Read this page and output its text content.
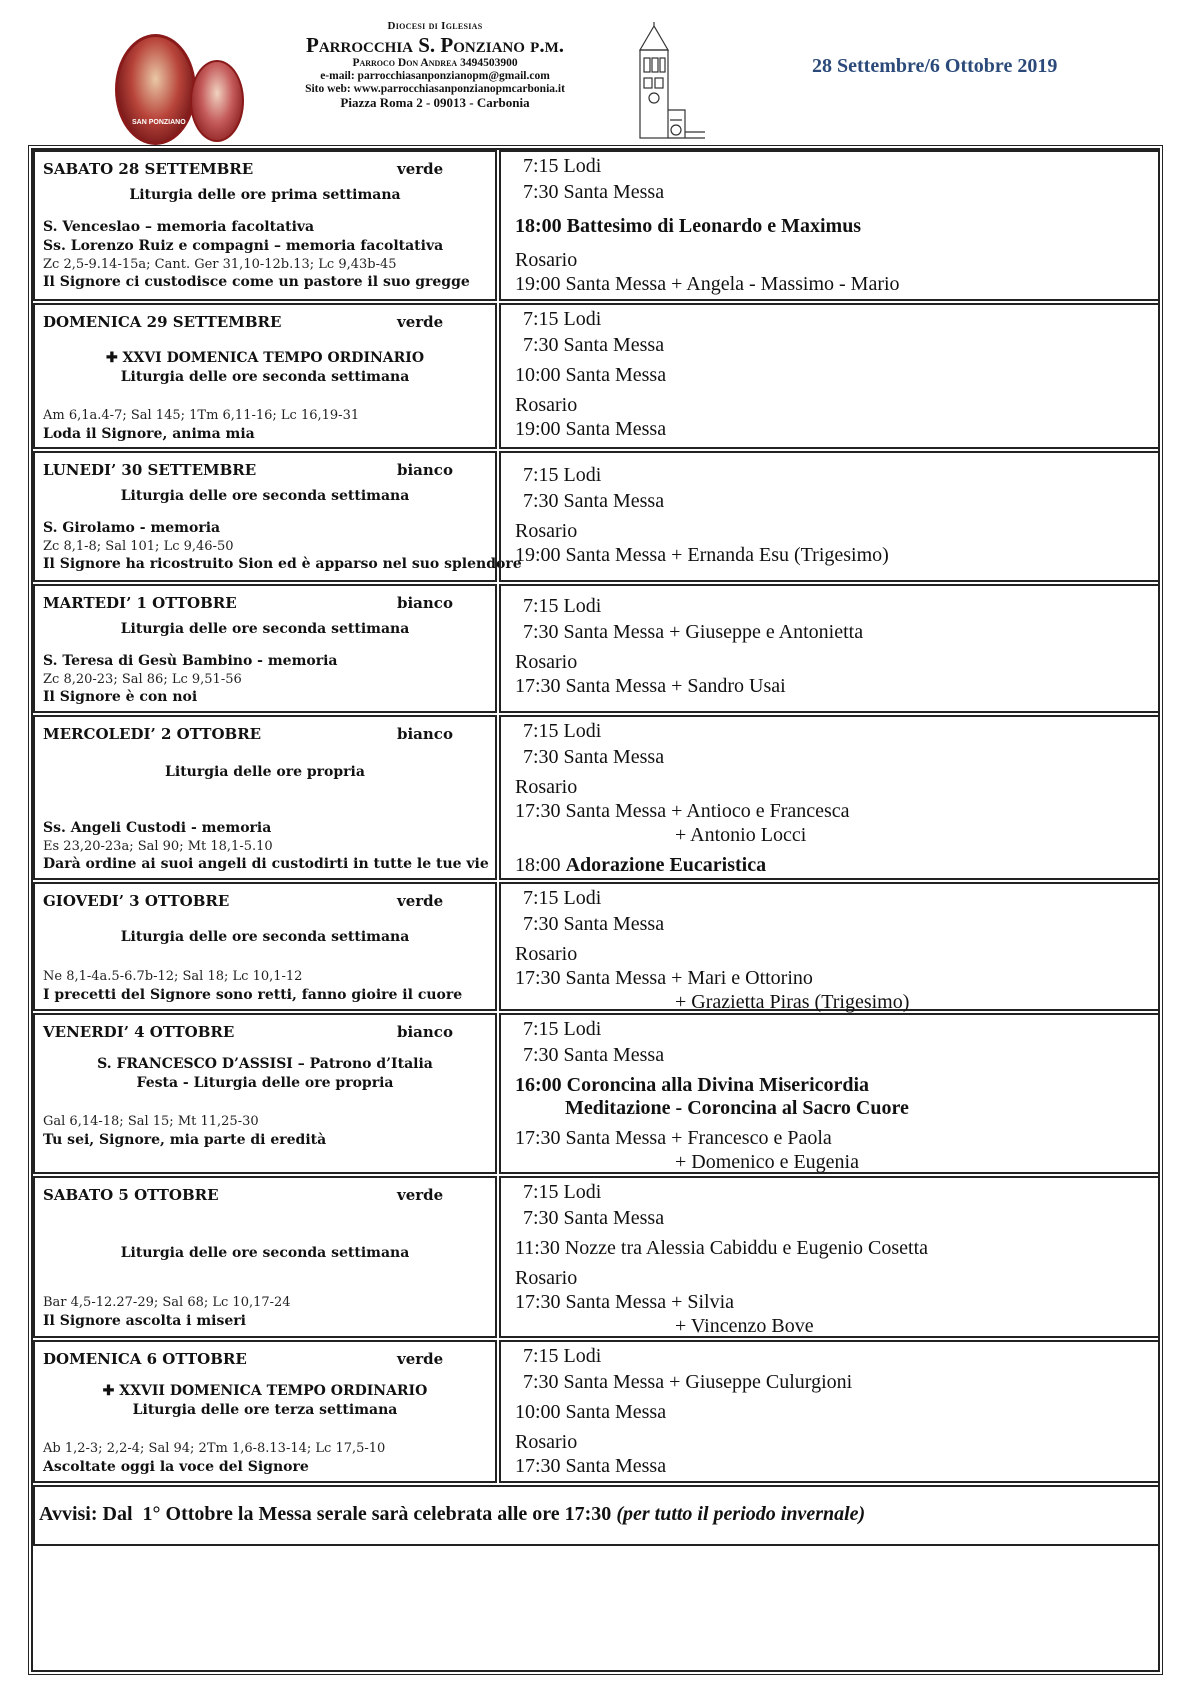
SAN PONZIANO
Diocesi di Iglesias
Parrocchia S. Ponziano p.m.
Parroco Don Andrea 3494503900
e-mail: parrocchiasanponzianopm@gmail.com
Sito web: www.parrocchiasanponzianopmcarbonia.it
Piazza Roma 2 - 09013 - Carbonia
28 Settembre/6 Ottobre 2019
SABATO 28 SETTEMBRE	verde
Liturgia delle ore prima settimana
S. Venceslao – memoria facoltativa
Ss. Lorenzo Ruiz e compagni – memoria facoltativa
Zc 2,5-9.14-15a; Cant. Ger 31,10-12b.13; Lc 9,43b-45
Il Signore ci custodisce come un pastore il suo gregge
7:15 Lodi
7:30 Santa Messa
18:00 Battesimo di Leonardo e Maximus
Rosario
19:00 Santa Messa + Angela - Massimo - Mario
DOMENICA 29 SETTEMBRE	verde
✚ XXVI DOMENICA TEMPO ORDINARIO
Liturgia delle ore seconda settimana
Am 6,1a.4-7; Sal 145; 1Tm 6,11-16; Lc 16,19-31
Loda il Signore, anima mia
7:15 Lodi
7:30 Santa Messa
10:00 Santa Messa
Rosario
19:00 Santa Messa
LUNEDI’ 30 SETTEMBRE	bianco
Liturgia delle ore seconda settimana
S. Girolamo - memoria
Zc 8,1-8; Sal 101; Lc 9,46-50
Il Signore ha ricostruito Sion ed è apparso nel suo splendore
7:15 Lodi
7:30 Santa Messa
Rosario
19:00 Santa Messa + Ernanda Esu (Trigesimo)
MARTEDI’ 1 OTTOBRE	bianco
Liturgia delle ore seconda settimana
S. Teresa di Gesù Bambino - memoria
Zc 8,20-23; Sal 86; Lc 9,51-56
Il Signore è con noi
7:15 Lodi
7:30 Santa Messa + Giuseppe e Antonietta
Rosario
17:30 Santa Messa + Sandro Usai
MERCOLEDI’ 2 OTTOBRE	bianco
Liturgia delle ore propria
Ss. Angeli Custodi - memoria
Es 23,20-23a; Sal 90; Mt 18,1-5.10
Darà ordine ai suoi angeli di custodirti in tutte le tue vie
7:15 Lodi
7:30 Santa Messa
Rosario
17:30 Santa Messa + Antioco e Francesca
+ Antonio Locci
18:00 Adorazione Eucaristica
GIOVEDI’ 3 OTTOBRE	verde
Liturgia delle ore seconda settimana
Ne 8,1-4a.5-6.7b-12; Sal 18; Lc 10,1-12
I precetti del Signore sono retti, fanno gioire il cuore
7:15 Lodi
7:30 Santa Messa
Rosario
17:30 Santa Messa + Mari e Ottorino
+ Grazietta Piras (Trigesimo)
VENERDI’ 4 OTTOBRE	bianco
S. FRANCESCO D’ASSISI – Patrono d’Italia
Festa - Liturgia delle ore propria
Gal 6,14-18; Sal 15; Mt 11,25-30
Tu sei, Signore, mia parte di eredità
7:15 Lodi
7:30 Santa Messa
16:00 Coroncina alla Divina Misericordia
Meditazione - Coroncina al Sacro Cuore
17:30 Santa Messa + Francesco e Paola
+ Domenico e Eugenia
SABATO 5 OTTOBRE	verde
Liturgia delle ore seconda settimana
Bar 4,5-12.27-29; Sal 68; Lc 10,17-24
Il Signore ascolta i miseri
7:15 Lodi
7:30 Santa Messa
11:30 Nozze tra Alessia Cabiddu e Eugenio Cosetta
Rosario
17:30 Santa Messa + Silvia
+ Vincenzo Bove
DOMENICA 6 OTTOBRE	verde
✚ XXVII DOMENICA TEMPO ORDINARIO
Liturgia delle ore terza settimana
Ab 1,2-3; 2,2-4; Sal 94; 2Tm 1,6-8.13-14; Lc 17,5-10
Ascoltate oggi la voce del Signore
7:15 Lodi
7:30 Santa Messa + Giuseppe Culurgioni
10:00 Santa Messa
Rosario
17:30 Santa Messa
Avvisi: Dal  1° Ottobre la Messa serale sarà celebrata alle ore 17:30 (per tutto il periodo invernale)
